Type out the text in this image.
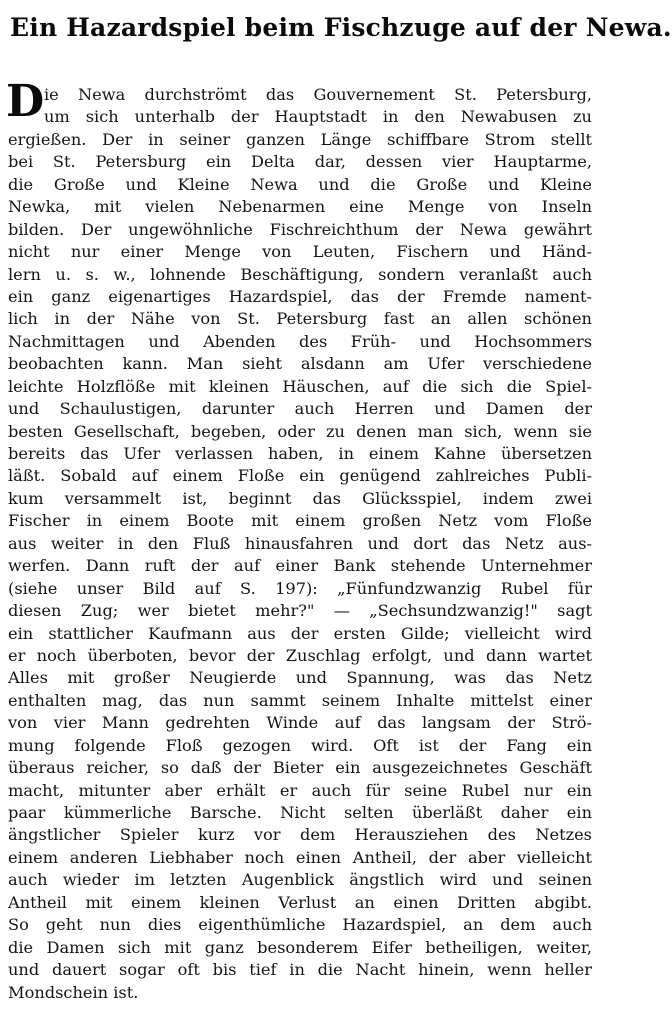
Ein Hazardspiel beim Fischzuge auf der Newa.
D ie Newa durchströmt das Gouvernement St. Petersburg,
um sich unterhalb der Hauptstadt in den Newabusen zu
ergießen. Der in seiner ganzen Länge schiffbare Strom stellt
bei St. Petersburg ein Delta dar, dessen vier Hauptarme,
die Große und Kleine Newa und die Große und Kleine
Newka, mit vielen Nebenarmen eine Menge von Inseln
bilden. Der ungewöhnliche Fischreichthum der Newa gewährt
nicht nur einer Menge von Leuten, Fischern und Händ-
lern u. s. w., lohnende Beschäftigung, sondern veranlaßt auch
ein ganz eigenartiges Hazardspiel, das der Fremde nament-
lich in der Nähe von St. Petersburg fast an allen schönen
Nachmittagen und Abenden des Früh- und Hochsommers
beobachten kann. Man sieht alsdann am Ufer verschiedene
leichte Holzflöße mit kleinen Häuschen, auf die sich die Spiel-
und Schaulustigen, darunter auch Herren und Damen der
besten Gesellschaft, begeben, oder zu denen man sich, wenn sie
bereits das Ufer verlassen haben, in einem Kahne übersetzen
läßt. Sobald auf einem Floße ein genügend zahlreiches Publi-
kum versammelt ist, beginnt das Glücksspiel, indem zwei
Fischer in einem Boote mit einem großen Netz vom Floße
aus weiter in den Fluß hinausfahren und dort das Netz aus-
werfen. Dann ruft der auf einer Bank stehende Unternehmer
(siehe unser Bild auf S. 197): „Fünfundzwanzig Rubel für
diesen Zug; wer bietet mehr?" — „Sechsundzwanzig!" sagt
ein stattlicher Kaufmann aus der ersten Gilde; vielleicht wird
er noch überboten, bevor der Zuschlag erfolgt, und dann wartet
Alles mit großer Neugierde und Spannung, was das Netz
enthalten mag, das nun sammt seinem Inhalte mittelst einer
von vier Mann gedrehten Winde auf das langsam der Strö-
mung folgende Floß gezogen wird. Oft ist der Fang ein
überaus reicher, so daß der Bieter ein ausgezeichnetes Geschäft
macht, mitunter aber erhält er auch für seine Rubel nur ein
paar kümmerliche Barsche. Nicht selten überläßt daher ein
ängstlicher Spieler kurz vor dem Herausziehen des Netzes
einem anderen Liebhaber noch einen Antheil, der aber vielleicht
auch wieder im letzten Augenblick ängstlich wird und seinen
Antheil mit einem kleinen Verlust an einen Dritten abgibt.
So geht nun dies eigenthümliche Hazardspiel, an dem auch
die Damen sich mit ganz besonderem Eifer betheiligen, weiter,
und dauert sogar oft bis tief in die Nacht hinein, wenn heller
Mondschein ist.
